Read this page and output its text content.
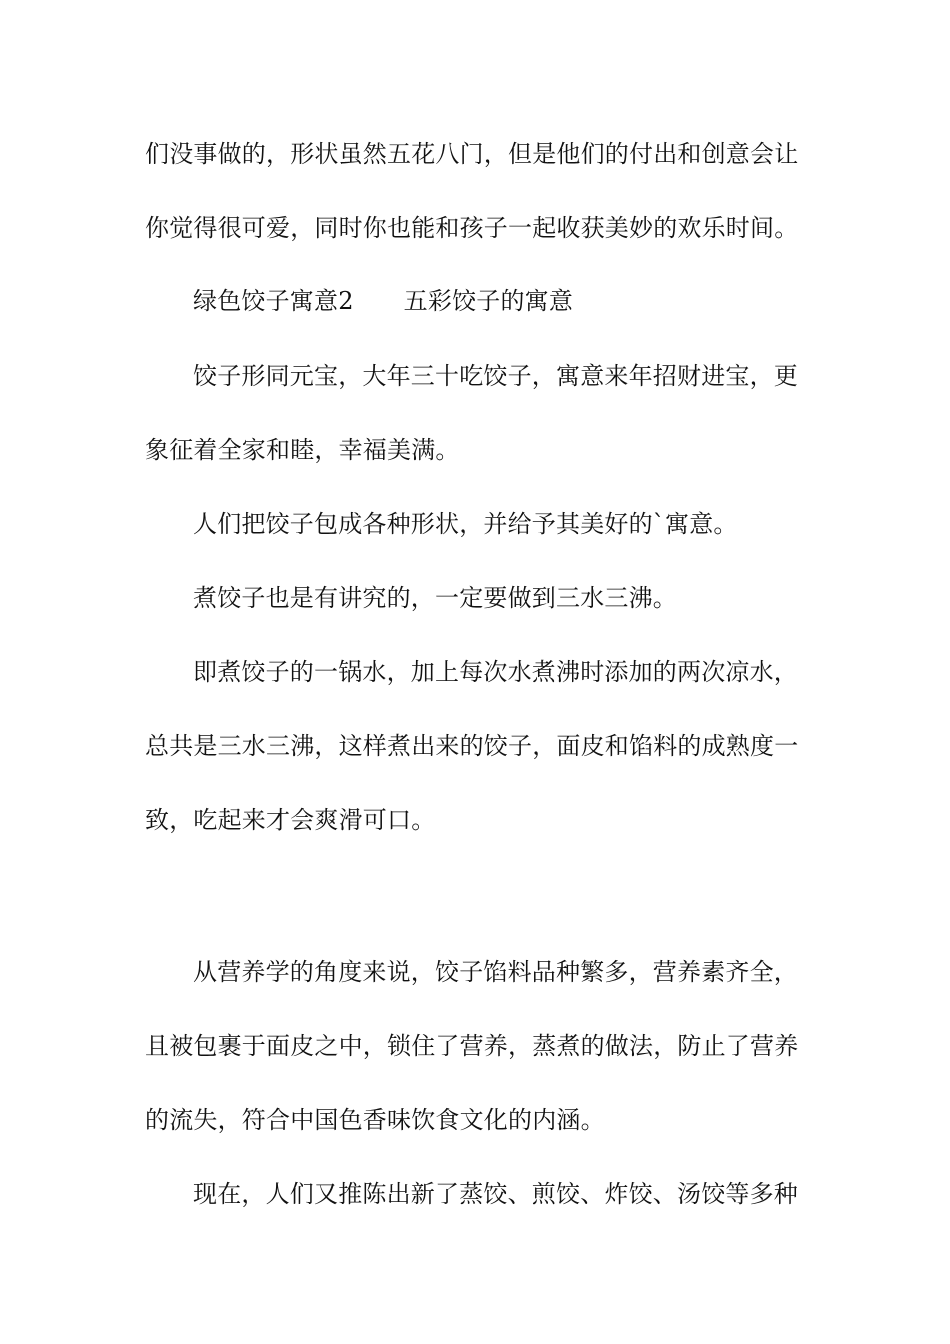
们没事做的，形状虽然五花八门，但是他们的付出和创意会让
你觉得很可爱，同时你也能和孩子一起收获美妙的欢乐时间。
绿色饺子寓意2 五彩饺子的寓意
饺子形同元宝，大年三十吃饺子，寓意来年招财进宝，更
象征着全家和睦，幸福美满。
人们把饺子包成各种形状，并给予其美好的`寓意。
煮饺子也是有讲究的，一定要做到三水三沸。
即煮饺子的一锅水，加上每次水煮沸时添加的两次凉水，
总共是三水三沸，这样煮出来的饺子，面皮和馅料的成熟度一
致，吃起来才会爽滑可口。
从营养学的角度来说，饺子馅料品种繁多，营养素齐全，
且被包裹于面皮之中，锁住了营养，蒸煮的做法，防止了营养
的流失，符合中国色香味饮食文化的内涵。
现在，人们又推陈出新了蒸饺、煎饺、炸饺、汤饺等多种
